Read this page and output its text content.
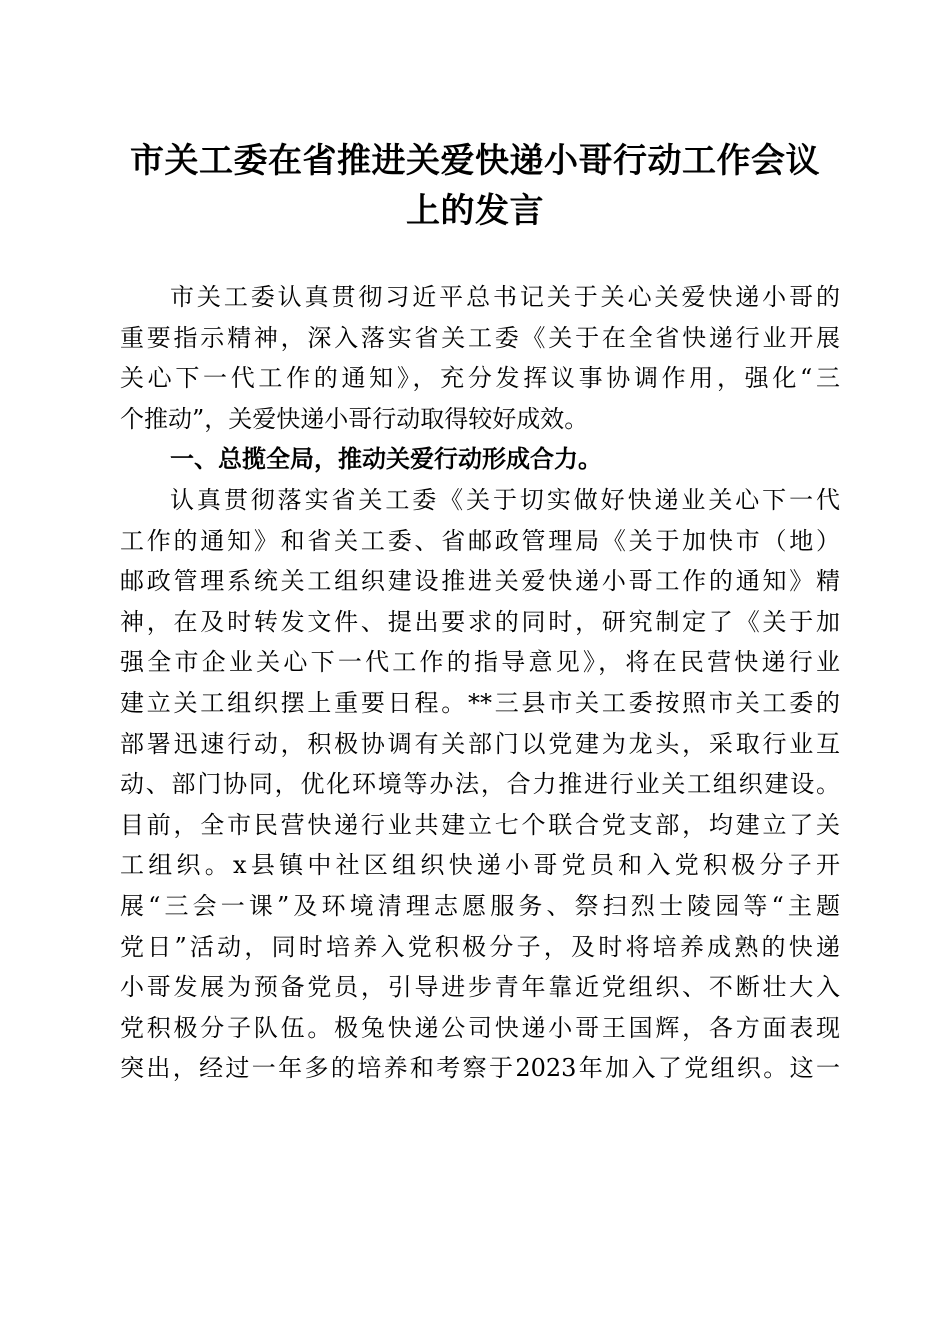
市关工委在省推进关爱快递小哥行动工作会议
上的发言
市关工委认真贯彻习近平总书记关于关心关爱快递小哥的
重要指示精神，深入落实省关工委《关于在全省快递行业开展
关心下一代工作的通知》，充分发挥议事协调作用，强化“三
个推动”，关爱快递小哥行动取得较好成效。
一、总揽全局，推动关爱行动形成合力。
认真贯彻落实省关工委《关于切实做好快递业关心下一代
工作的通知》和省关工委、省邮政管理局《关于加快市（地）
邮政管理系统关工组织建设推进关爱快递小哥工作的通知》精
神，在及时转发文件、提出要求的同时，研究制定了《关于加
强全市企业关心下一代工作的指导意见》，将在民营快递行业
建立关工组织摆上重要日程。**三县市关工委按照市关工委的
部署迅速行动，积极协调有关部门以党建为龙头，采取行业互
动、部门协同，优化环境等办法，合力推进行业关工组织建设。
目前，全市民营快递行业共建立七个联合党支部，均建立了关
工组织。x县镇中社区组织快递小哥党员和入党积极分子开
展“三会一课”及环境清理志愿服务、祭扫烈士陵园等“主题
党日”活动，同时培养入党积极分子，及时将培养成熟的快递
小哥发展为预备党员，引导进步青年靠近党组织、不断壮大入
党积极分子队伍。极兔快递公司快递小哥王国辉，各方面表现
突出，经过一年多的培养和考察于2023年加入了党组织。这一
